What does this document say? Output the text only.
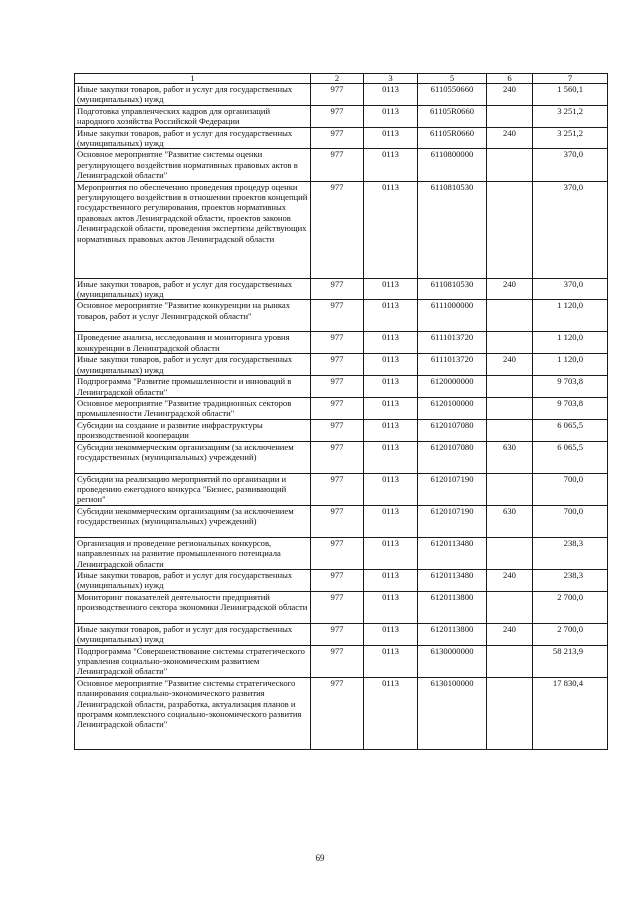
1	2	3	5	6	7
Иные закупки товаров, работ и услуг для государственных (муниципальных) нужд	977	0113	6110550660	240	1 560,1
Подготовка управленческих кадров для организаций народного хозяйства Российской Федерации	977	0113	61105R0660		3 251,2
Иные закупки товаров, работ и услуг для государственных (муниципальных) нужд	977	0113	61105R0660	240	3 251,2
Основное мероприятие "Развитие системы оценки регулирующего воздействия нормативных правовых актов в Ленинградской области"	977	0113	6110800000		370,0
Мероприятия по обеспечению проведения процедур оценки регулирующего воздействия в отношении проектов концепций государственного регулирования, проектов нормативных правовых актов Ленинградской области, проектов законов Ленинградской области, проведения экспертизы действующих нормативных правовых актов Ленинградской области	977	0113	6110810530		370,0
Иные закупки товаров, работ и услуг для государственных (муниципальных) нужд	977	0113	6110810530	240	370,0
Основное мероприятие "Развитие конкуренции на рынках товаров, работ и услуг Ленинградской области"	977	0113	6111000000		1 120,0
Проведение анализа, исследования и мониторинга уровня конкуренции в Ленинградской области	977	0113	6111013720		1 120,0
Иные закупки товаров, работ и услуг для государственных (муниципальных) нужд	977	0113	6111013720	240	1 120,0
Подпрограмма "Развитие промышленности и инноваций в Ленинградской области"	977	0113	6120000000		9 703,8
Основное мероприятие "Развитие традиционных секторов промышленности Ленинградской области"	977	0113	6120100000		9 703,8
Субсидии на создание и развитие инфраструктуры производственной кооперации	977	0113	6120107080		6 065,5
Субсидии некоммерческим организациям (за исключением государственных (муниципальных) учреждений)	977	0113	6120107080	630	6 065,5
Субсидии на реализацию мероприятий по организации и проведению ежегодного конкурса "Бизнес, развивающий регион"	977	0113	6120107190		700,0
Субсидии некоммерческим организациям (за исключением государственных (муниципальных) учреждений)	977	0113	6120107190	630	700,0
Организация и проведение региональных конкурсов, направленных на развитие промышленного потенциала Ленинградской области	977	0113	6120113480		238,3
Иные закупки товаров, работ и услуг для государственных (муниципальных) нужд	977	0113	6120113480	240	238,3
Мониторинг показателей деятельности предприятий производственного сектора экономики Ленинградской области	977	0113	6120113800		2 700,0
Иные закупки товаров, работ и услуг для государственных (муниципальных) нужд	977	0113	6120113800	240	2 700,0
Подпрограмма "Совершенствование системы стратегического управления социально-экономическим развитием Ленинградской области"	977	0113	6130000000		58 213,9
Основное мероприятие "Развитие системы стратегического планирования социально-экономического развития Ленинградской области, разработка, актуализация планов и программ комплексного социально-экономического развития Ленинградской области"	977	0113	6130100000		17 830,4
69
